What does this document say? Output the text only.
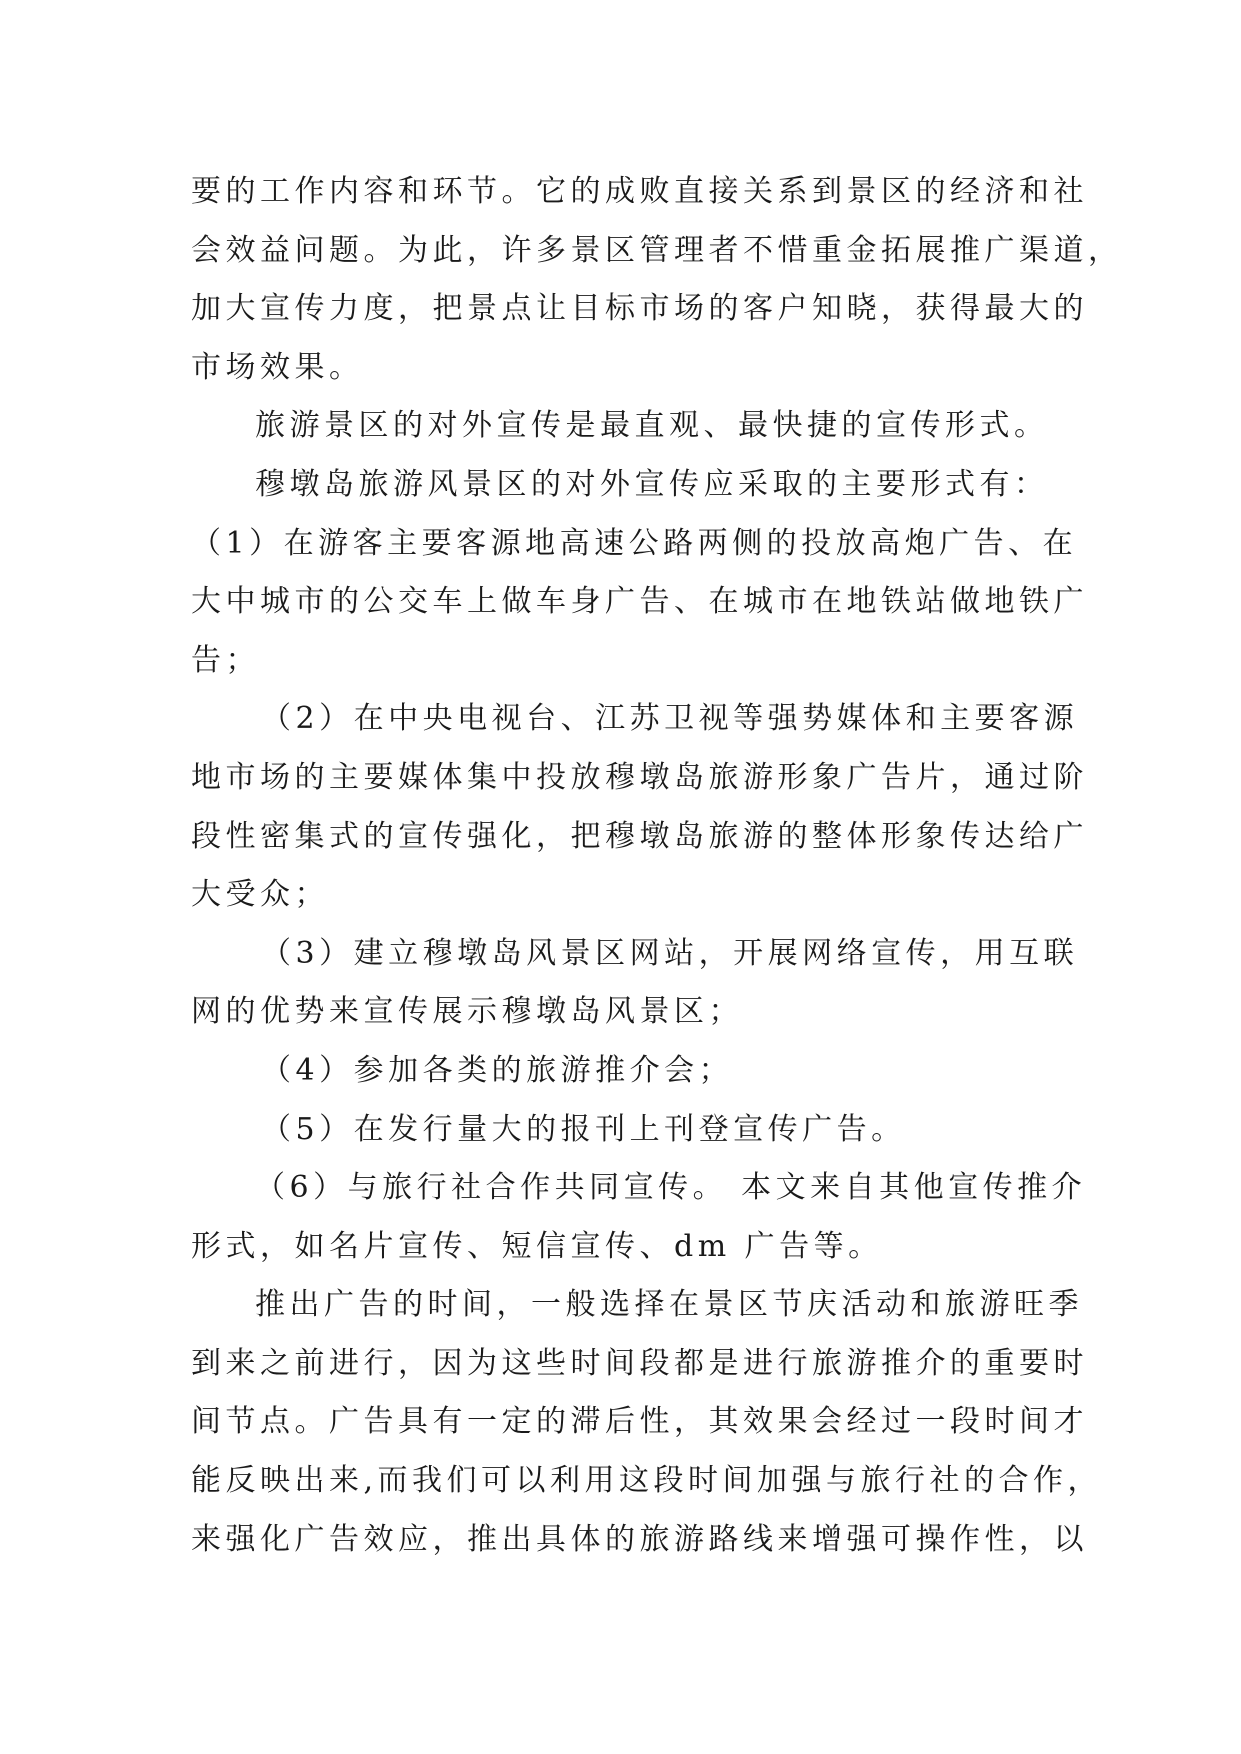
要的工作内容和环节。它的成败直接关系到景区的经济和社
会效益问题。为此，许多景区管理者不惜重金拓展推广渠道，
加大宣传力度，把景点让目标市场的客户知晓，获得最大的
市场效果。
旅游景区的对外宣传是最直观、最快捷的宣传形式。
穆墩岛旅游风景区的对外宣传应采取的主要形式有：
（1）在游客主要客源地高速公路两侧的投放高炮广告、在
大中城市的公交车上做车身广告、在城市在地铁站做地铁广
告；
（2）在中央电视台、江苏卫视等强势媒体和主要客源
地市场的主要媒体集中投放穆墩岛旅游形象广告片，通过阶
段性密集式的宣传强化，把穆墩岛旅游的整体形象传达给广
大受众；
（3）建立穆墩岛风景区网站，开展网络宣传，用互联
网的优势来宣传展示穆墩岛风景区；
（4）参加各类的旅游推介会；
（5）在发行量大的报刊上刊登宣传广告。
（6）与旅行社合作共同宣传。 本文来自其他宣传推介
形式，如名片宣传、短信宣传、dm 广告等。
推出广告的时间，一般选择在景区节庆活动和旅游旺季
到来之前进行，因为这些时间段都是进行旅游推介的重要时
间节点。广告具有一定的滞后性，其效果会经过一段时间才
能反映出来,而我们可以利用这段时间加强与旅行社的合作，
来强化广告效应，推出具体的旅游路线来增强可操作性，以
